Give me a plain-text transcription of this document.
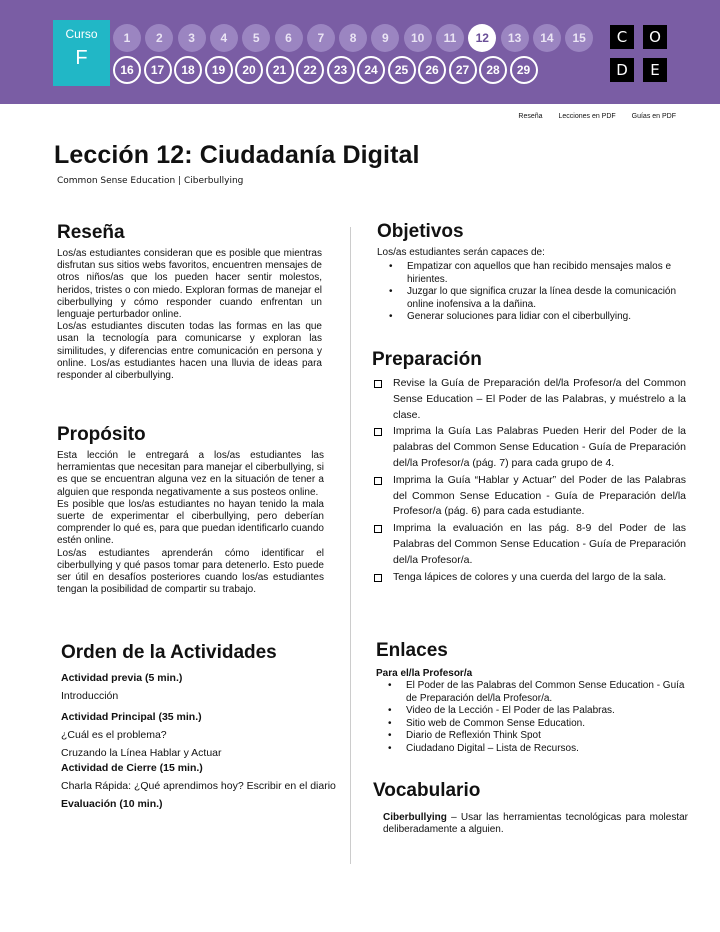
Curso
F
1	2	3	4	5	6	7	8	9	10	11	12	13	14	15
16	17	18	19	20	21	22	23	24	25	26	27	28	29
C	O
D	E
Reseña Lecciones en PDF Guías en PDF
Lección 12: Ciudadanía Digital
Common Sense Education | Ciberbullying
Reseña
Los/as estudiantes consideran que es posible que mientras disfrutan sus sitios webs favoritos, encuentren mensajes de otros niños/as que los pueden hacer sentir molestos, heridos, tristes o con miedo. Exploran formas de manejar el ciberbullying y cómo responder cuando enfrentan un lenguaje perturbador online.
Los/as estudiantes discuten todas las formas en las que usan la tecnología para comunicarse y exploran las similitudes, y diferencias entre comunicación en persona y online. Los/as estudiantes hacen una lluvia de ideas para responder al ciberbullying.
Propósito
Esta lección le entregará a los/as estudiantes las herramientas que necesitan para manejar el ciberbullying, si es que se encuentran alguna vez en la situación de tener a alguien que responda negativamente a sus posteos online.
Es posible que los/as estudiantes no hayan tenido la mala suerte de experimentar el ciberbullying, pero deberían comprender lo qué es, para que puedan identificarlo cuando estén online.
Los/as estudiantes aprenderán cómo identificar el ciberbullying y qué pasos tomar para detenerlo. Esto puede ser útil en desafíos posteriores cuando los/as estudiantes tengan la posibilidad de compartir su trabajo.
Orden de la Actividades
Actividad previa (5 min.)
Introducción
Actividad Principal (35 min.)
¿Cuál es el problema?
Cruzando la Línea Hablar y Actuar
Actividad de Cierre (15 min.)
Charla Rápida: ¿Qué aprendimos hoy? Escribir en el diario
Evaluación (10 min.)
Objetivos
Los/as estudiantes serán capaces de:
• Empatizar con aquellos que han recibido mensajes malos e hirientes.
• Juzgar lo que significa cruzar la línea desde la comunicación online inofensiva a la dañina.
• Generar soluciones para lidiar con el ciberbullying.
Preparación
Revise la Guía de Preparación del/la Profesor/a del Common Sense Education – El Poder de las Palabras, y muéstrelo a la clase.
Imprima la Guía Las Palabras Pueden Herir del Poder de la palabras del Common Sense Education - Guía de Preparación del/la Profesor/a (pág. 7) para cada grupo de 4.
Imprima la Guía “Hablar y Actuar” del Poder de las Palabras del Common Sense Education - Guía de Preparación del/la Profesor/a (pág. 6) para cada estudiante.
Imprima la evaluación en las pág. 8-9 del Poder de las Palabras del Common Sense Education - Guía de Preparación del/la Profesor/a.
Tenga lápices de colores y una cuerda del largo de la sala.
Enlaces
Para el/la Profesor/a
• El Poder de las Palabras del Common Sense Education - Guía de Preparación del/la Profesor/a.
• Video de la Lección - El Poder de las Palabras.
• Sitio web de Common Sense Education.
• Diario de Reflexión Think Spot
• Ciudadano Digital – Lista de Recursos.
Vocabulario
Ciberbullying – Usar las herramientas tecnológicas para molestar deliberadamente a alguien.
